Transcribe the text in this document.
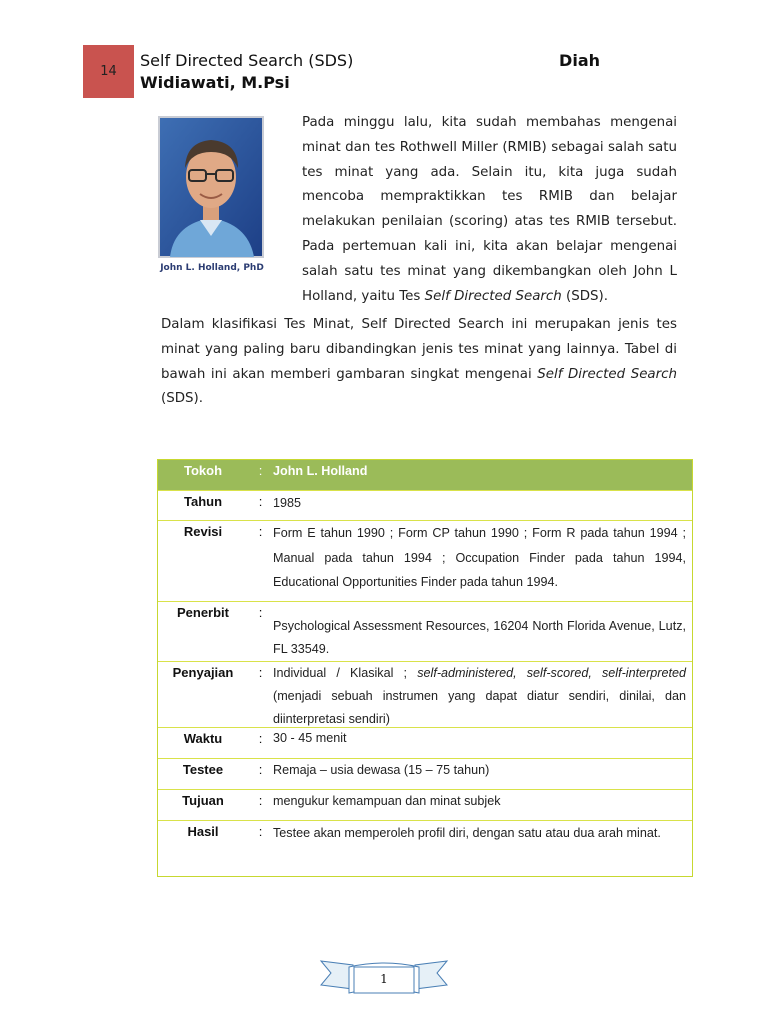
14
Self Directed Search (SDS)	Diah
Widiawati, M.Psi
John L. Holland, PhD
Pada minggu lalu, kita sudah membahas mengenai minat dan tes Rothwell Miller (RMIB) sebagai salah satu tes minat yang ada. Selain itu, kita juga sudah mencoba mempraktikkan tes RMIB dan belajar melakukan penilaian (scoring) atas tes RMIB tersebut. Pada pertemuan kali ini, kita akan belajar mengenai salah satu tes minat yang dikembangkan oleh John L Holland, yaitu Tes Self Directed Search (SDS).
Dalam klasifikasi Tes Minat, Self Directed Search ini merupakan jenis tes minat yang paling baru dibandingkan jenis tes minat yang lainnya. Tabel di bawah ini akan memberi gambaran singkat mengenai Self Directed Search (SDS).
Tokoh	: John L. Holland
Tahun	: 1985
Revisi	: Form E tahun 1990 ; Form CP tahun 1990 ; Form R pada tahun 1994 ; Manual pada tahun 1994 ; Occupation Finder pada tahun 1994, Educational Opportunities Finder pada tahun 1994.
Penerbit	:
Psychological Assessment Resources, 16204 North Florida Avenue, Lutz, FL 33549.
Penyajian	: Individual / Klasikal ; self-administered, self-scored, self-interpreted (menjadi sebuah instrumen yang dapat diatur sendiri, dinilai, dan diinterpretasi sendiri)
Waktu	: 30 - 45 menit
Testee	: Remaja – usia dewasa (15 – 75 tahun)
Tujuan	: mengukur kemampuan dan minat subjek
Hasil	: Testee akan memperoleh profil diri, dengan satu atau dua arah minat.
1
